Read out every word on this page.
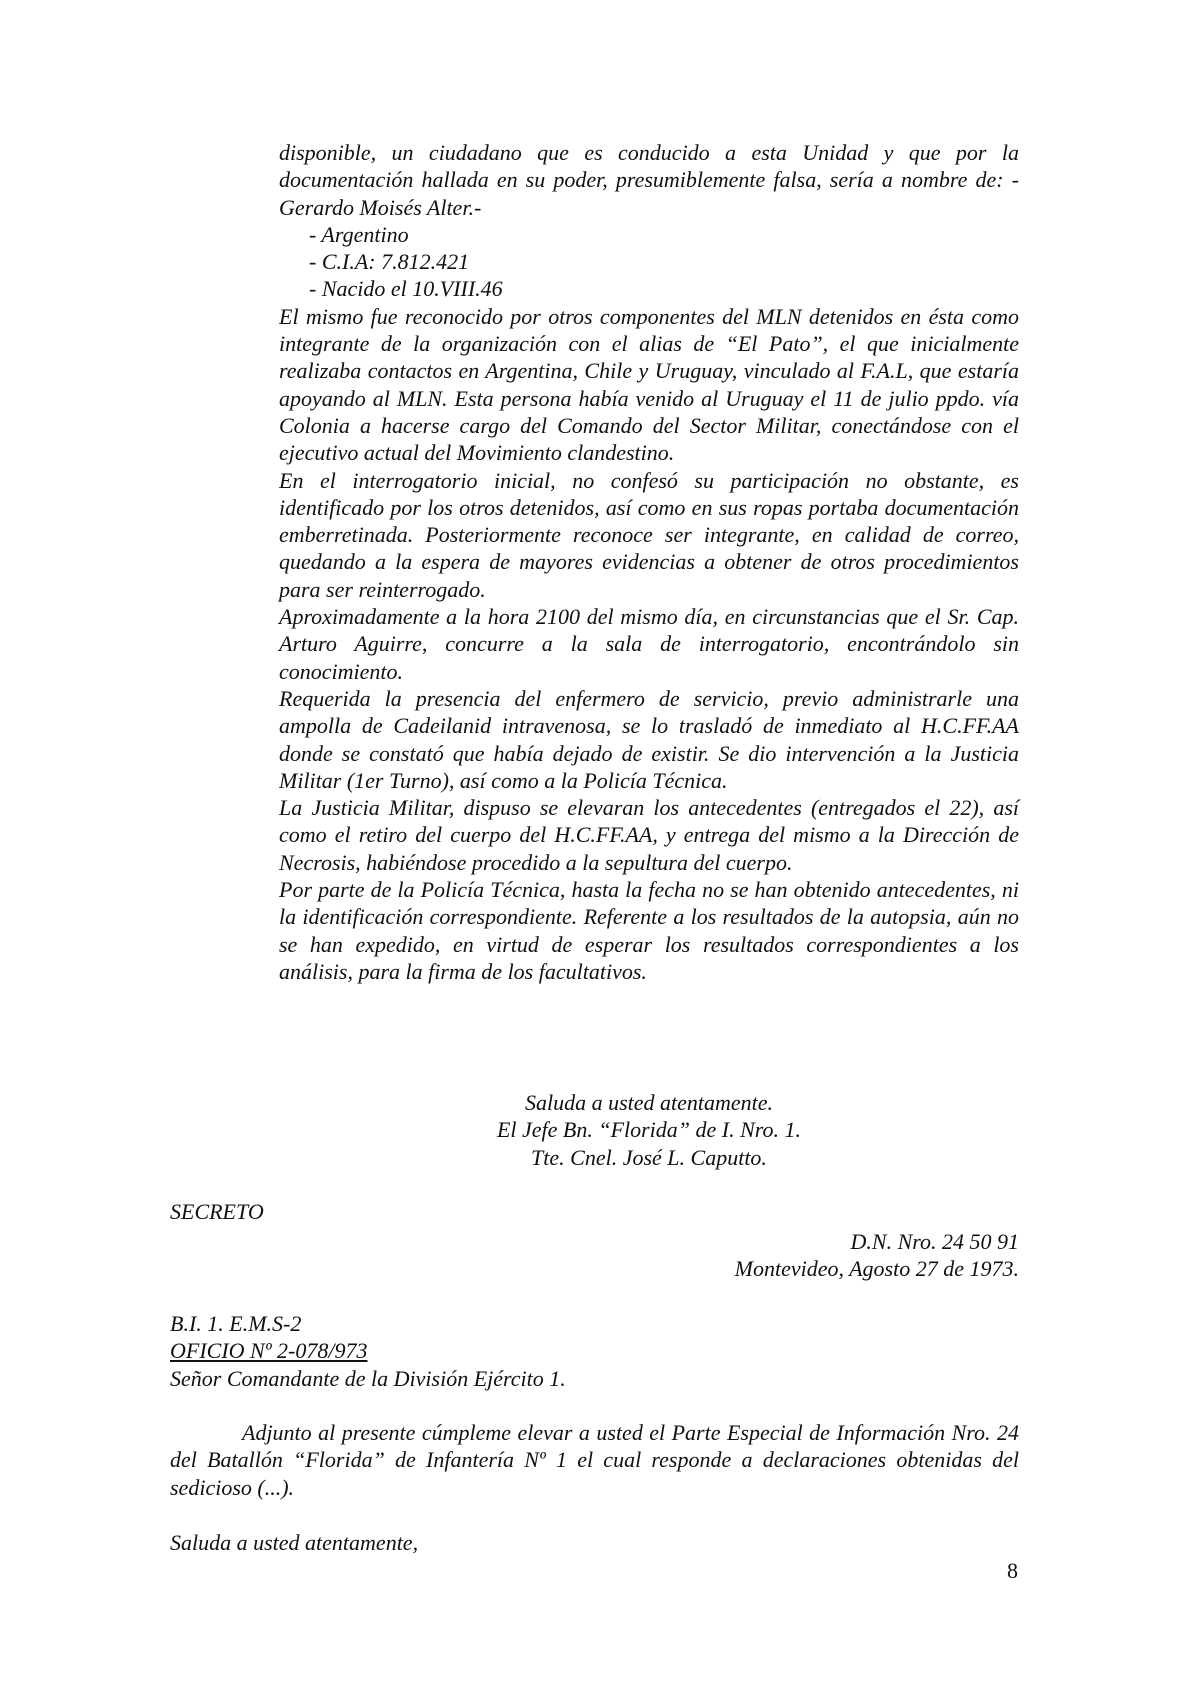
disponible, un ciudadano que es conducido a esta Unidad y que por la documentación hallada en su poder, presumiblemente falsa, sería a nombre de: - Gerardo Moisés Alter.-

- Argentino
- C.I.A: 7.812.421
- Nacido el 10.VIII.46

El mismo fue reconocido por otros componentes del MLN detenidos en ésta como integrante de la organización con el alias de “El Pato”, el que inicialmente realizaba contactos en Argentina, Chile y Uruguay, vinculado al F.A.L, que estaría apoyando al MLN. Esta persona había venido al Uruguay el 11 de julio ppdo. vía Colonia a hacerse cargo del Comando del Sector Militar, conectándose con el ejecutivo actual del Movimiento clandestino.

En el interrogatorio inicial, no confesó su participación no obstante, es identificado por los otros detenidos, así como en sus ropas portaba documentación emberretinada. Posteriormente reconoce ser integrante, en calidad de correo, quedando a la espera de mayores evidencias a obtener de otros procedimientos para ser reinterrogado.

Aproximadamente a la hora 2100 del mismo día, en circunstancias que el Sr. Cap. Arturo Aguirre, concurre a la sala de interrogatorio, encontrándolo sin conocimiento.

Requerida la presencia del enfermero de servicio, previo administrarle una ampolla de Cadeilanid intravenosa, se lo trasladó de inmediato al H.C.FF.AA donde se constató que había dejado de existir. Se dio intervención a la Justicia Militar (1er Turno), así como a la Policía Técnica.

La Justicia Militar, dispuso se elevaran los antecedentes (entregados el 22), así como el retiro del cuerpo del H.C.FF.AA, y entrega del mismo a la Dirección de Necrosis, habiéndose procedido a la sepultura del cuerpo.

Por parte de la Policía Técnica, hasta la fecha no se han obtenido antecedentes, ni la identificación correspondiente. Referente a los resultados de la autopsia, aún no se han expedido, en virtud de esperar los resultados correspondientes a los análisis, para la firma de los facultativos.

Saluda a usted atentamente.
El Jefe Bn. “Florida” de I. Nro. 1.
Tte. Cnel. José L. Caputto.
SECRETO
D.N. Nro. 24 50 91
Montevideo, Agosto 27 de 1973.
B.I. 1. E.M.S-2
OFICIO Nº 2-078/973
Señor Comandante de la División Ejército 1.

Adjunto al presente cúmpleme elevar a usted el Parte Especial de Información Nro. 24 del Batallón “Florida” de Infantería Nº 1 el cual responde a declaraciones obtenidas del sedicioso (...).

Saluda a usted atentamente,
8
